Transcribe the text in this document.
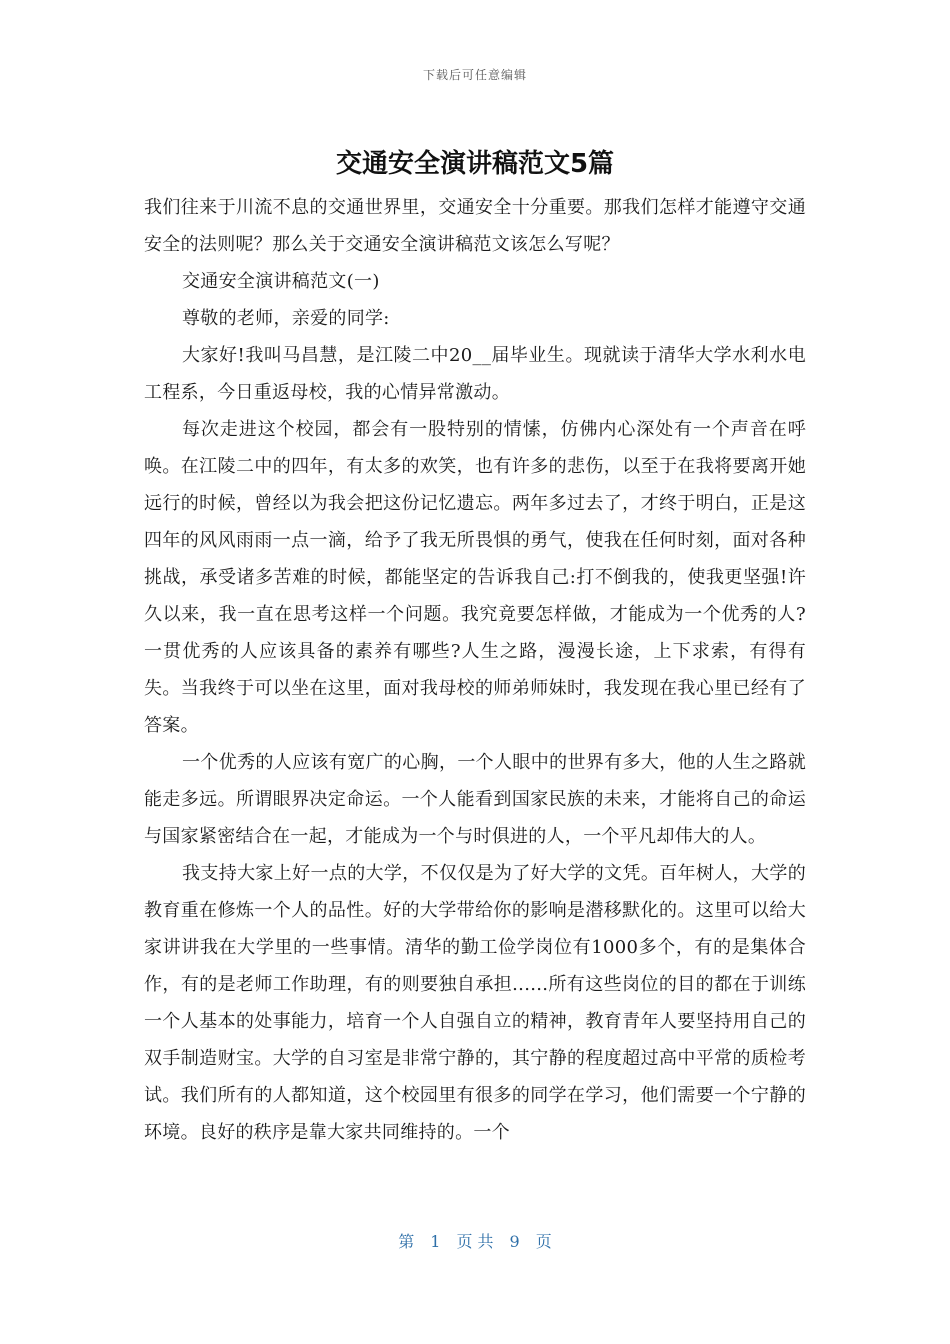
下载后可任意编辑
交通安全演讲稿范文5篇

我们往来于川流不息的交通世界里，交通安全十分重要。那我们怎样才能遵守交通安全的法则呢？那么关于交通安全演讲稿范文该怎么写呢？

交通安全演讲稿范文(一)

尊敬的老师，亲爱的同学:

大家好!我叫马昌慧，是江陵二中20__届毕业生。现就读于清华大学水利水电工程系，今日重返母校，我的心情异常激动。

每次走进这个校园，都会有一股特别的情愫，仿佛内心深处有一个声音在呼唤。在江陵二中的四年，有太多的欢笑，也有许多的悲伤，以至于在我将要离开她远行的时候，曾经以为我会把这份记忆遗忘。两年多过去了，才终于明白，正是这四年的风风雨雨一点一滴，给予了我无所畏惧的勇气，使我在任何时刻，面对各种挑战，承受诸多苦难的时候，都能坚定的告诉我自己:打不倒我的，使我更坚强!许久以来，我一直在思考这样一个问题。我究竟要怎样做，才能成为一个优秀的人?一贯优秀的人应该具备的素养有哪些?人生之路，漫漫长途，上下求索，有得有失。当我终于可以坐在这里，面对我母校的师弟师妹时，我发现在我心里已经有了答案。

一个优秀的人应该有宽广的心胸，一个人眼中的世界有多大，他的人生之路就能走多远。所谓眼界决定命运。一个人能看到国家民族的未来，才能将自己的命运与国家紧密结合在一起，才能成为一个与时俱进的人，一个平凡却伟大的人。

我支持大家上好一点的大学，不仅仅是为了好大学的文凭。百年树人，大学的教育重在修炼一个人的品性。好的大学带给你的影响是潜移默化的。这里可以给大家讲讲我在大学里的一些事情。清华的勤工俭学岗位有1000多个，有的是集体合作，有的是老师工作助理，有的则要独自承担......所有这些岗位的目的都在于训练一个人基本的处事能力，培育一个人自强自立的精神，教育青年人要坚持用自己的双手制造财宝。大学的自习室是非常宁静的，其宁静的程度超过高中平常的质检考试。我们所有的人都知道，这个校园里有很多的同学在学习，他们需要一个宁静的环境。良好的秩序是靠大家共同维持的。一个

第 1 页 共 9 页
